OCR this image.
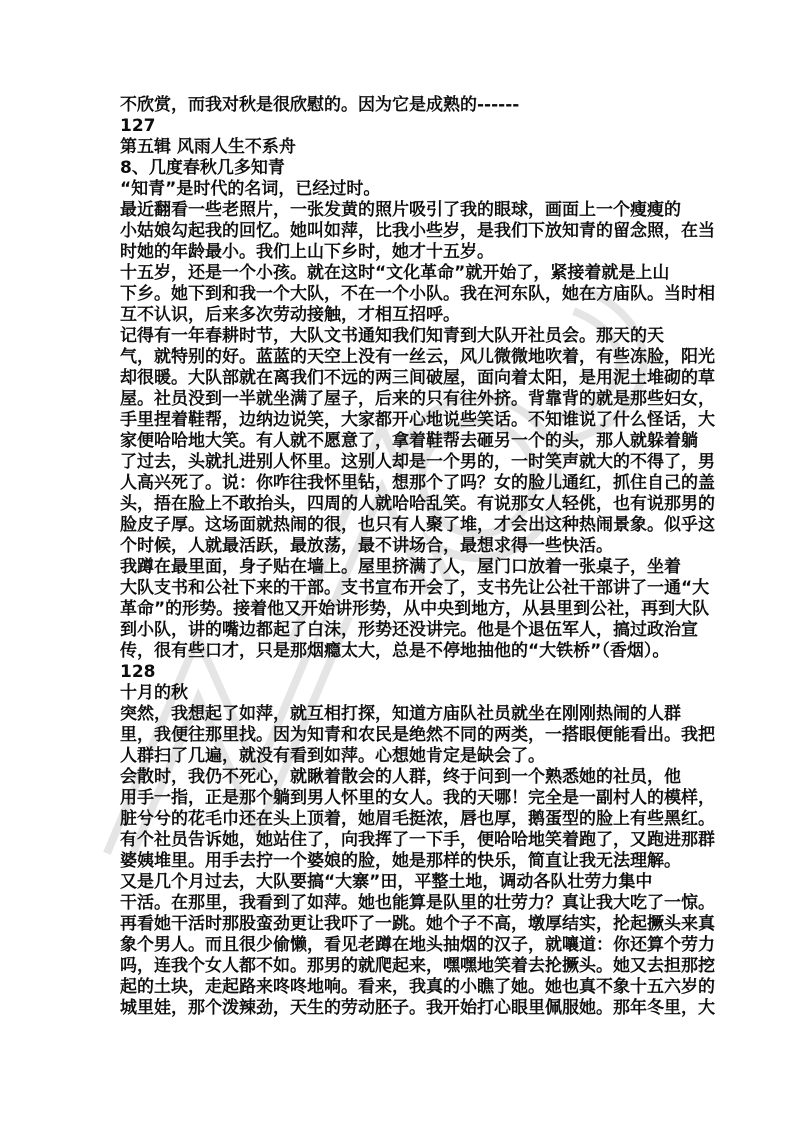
不欣赏，而我对秋是很欣慰的。因为它是成熟的------
127
第五辑 风雨人生不系舟
8、几度春秋几多知青
“知青”是时代的名词，已经过时。
最近翻看一些老照片，一张发黄的照片吸引了我的眼球，画面上一个瘦瘦的
小姑娘勾起我的回忆。她叫如萍，比我小些岁，是我们下放知青的留念照，在当
时她的年龄最小。我们上山下乡时，她才十五岁。
十五岁，还是一个小孩。就在这时“文化革命”就开始了，紧接着就是上山
下乡。她下到和我一个大队，不在一个小队。我在河东队，她在方庙队。当时相
互不认识，后来多次劳动接触，才相互招呼。
记得有一年春耕时节，大队文书通知我们知青到大队开社员会。那天的天
气，就特别的好。蓝蓝的天空上没有一丝云，风儿微微地吹着，有些冻脸，阳光
却很暖。大队部就在离我们不远的两三间破屋，面向着太阳，是用泥土堆砌的草
屋。社员没到一半就坐满了屋子，后来的只有往外挤。背靠背的就是那些妇女，
手里捏着鞋帮，边纳边说笑，大家都开心地说些笑话。不知谁说了什么怪话，大
家便哈哈地大笑。有人就不愿意了，拿着鞋帮去砸另一个的头，那人就躲着躺
了过去，头就扎进别人怀里。这别人却是一个男的，一时笑声就大的不得了，男
人高兴死了。说：你咋往我怀里钻，想那个了吗？女的脸儿通红，抓住自己的盖
头，捂在脸上不敢抬头，四周的人就哈哈乱笑。有说那女人轻佻，也有说那男的
脸皮子厚。这场面就热闹的很，也只有人聚了堆，才会出这种热闹景象。似乎这
个时候，人就最活跃，最放荡，最不讲场合，最想求得一些快活。
我蹲在最里面，身子贴在墙上。屋里挤满了人，屋门口放着一张桌子，坐着
大队支书和公社下来的干部。支书宣布开会了，支书先让公社干部讲了一通“大
革命”的形势。接着他又开始讲形势，从中央到地方，从县里到公社，再到大队
到小队，讲的嘴边都起了白沫，形势还没讲完。他是个退伍军人，搞过政治宣
传，很有些口才，只是那烟瘾太大，总是不停地抽他的“大铁桥”（香烟）。
128
十月的秋
突然，我想起了如萍，就互相打探，知道方庙队社员就坐在刚刚热闹的人群
里，我便往那里找。因为知青和农民是绝然不同的两类，一搭眼便能看出。我把
人群扫了几遍，就没有看到如萍。心想她肯定是缺会了。
会散时，我仍不死心，就瞅着散会的人群，终于问到一个熟悉她的社员，他
用手一指，正是那个躺到男人怀里的女人。我的天哪！完全是一副村人的模样，
脏兮兮的花毛巾还在头上顶着，她眉毛挺浓，唇也厚，鹅蛋型的脸上有些黑红。
有个社员告诉她，她站住了，向我挥了一下手，便哈哈地笑着跑了，又跑进那群
婆姨堆里。用手去拧一个婆娘的脸，她是那样的快乐，简直让我无法理解。
又是几个月过去，大队要搞“大寨”田，平整土地，调动各队壮劳力集中
干活。在那里，我看到了如萍。她也能算是队里的壮劳力？真让我大吃了一惊。
再看她干活时那股蛮劲更让我吓了一跳。她个子不高，墩厚结实，抡起撅头来真
象个男人。而且很少偷懒，看见老蹲在地头抽烟的汉子，就嚷道：你还算个劳力
吗，连我个女人都不如。那男的就爬起来，嘿嘿地笑着去抡撅头。她又去担那挖
起的土块，走起路来咚咚地响。看来，我真的小瞧了她。她也真不象十五六岁的
城里娃，那个泼辣劲，天生的劳动胚子。我开始打心眼里佩服她。那年冬里，大
